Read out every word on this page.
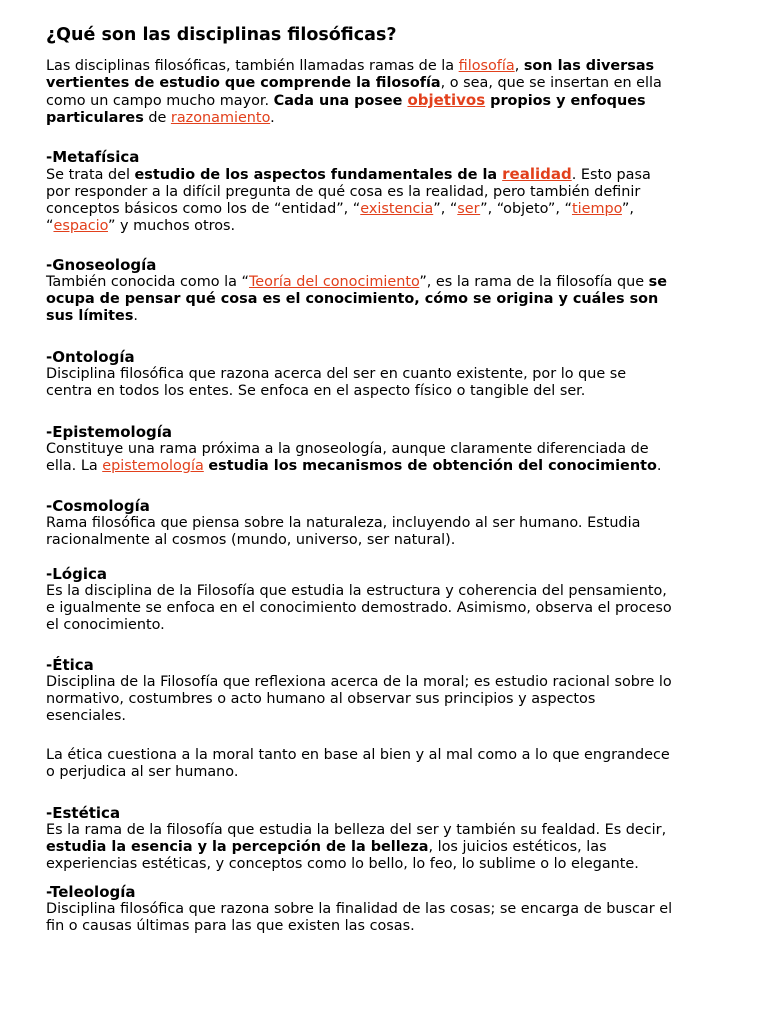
¿Qué son las disciplinas filosóficas?

Las disciplinas filosóficas, también llamadas ramas de la filosofía, son las diversas

vertientes de estudio que comprende la filosofía, o sea, que se insertan en ella

como un campo mucho mayor. Cada una posee objetivos propios y enfoques

particulares de razonamiento.

-Metafísica

Se trata del estudio de los aspectos fundamentales de la realidad. Esto pasa

por responder a la difícil pregunta de qué cosa es la realidad, pero también definir

conceptos básicos como los de “entidad”, “existencia”, “ser”, “objeto”, “tiempo”,

“espacio” y muchos otros.

-Gnoseología

También conocida como la “Teoría del conocimiento”, es la rama de la filosofía que se

ocupa de pensar qué cosa es el conocimiento, cómo se origina y cuáles son

sus límites.

-Ontología

Disciplina filosófica que razona acerca del ser en cuanto existente, por lo que se

centra en todos los entes. Se enfoca en el aspecto físico o tangible del ser.

-Epistemología

Constituye una rama próxima a la gnoseología, aunque claramente diferenciada de

ella. La epistemología estudia los mecanismos de obtención del conocimiento.

-Cosmología

Rama filosófica que piensa sobre la naturaleza, incluyendo al ser humano. Estudia

racionalmente al cosmos (mundo, universo, ser natural).

-Lógica

Es la disciplina de la Filosofía que estudia la estructura y coherencia del pensamiento,

e igualmente se enfoca en el conocimiento demostrado. Asimismo, observa el proceso

el conocimiento.

-Ética

Disciplina de la Filosofía que reflexiona acerca de la moral; es estudio racional sobre lo

normativo, costumbres o acto humano al observar sus principios y aspectos

esenciales.

La ética cuestiona a la moral tanto en base al bien y al mal como a lo que engrandece

o perjudica al ser humano.

-Estética

Es la rama de la filosofía que estudia la belleza del ser y también su fealdad. Es decir,

estudia la esencia y la percepción de la belleza, los juicios estéticos, las

experiencias estéticas, y conceptos como lo bello, lo feo, lo sublime o lo elegante.

-Teleología

Disciplina filosófica que razona sobre la finalidad de las cosas; se encarga de buscar el

fin o causas últimas para las que existen las cosas.
